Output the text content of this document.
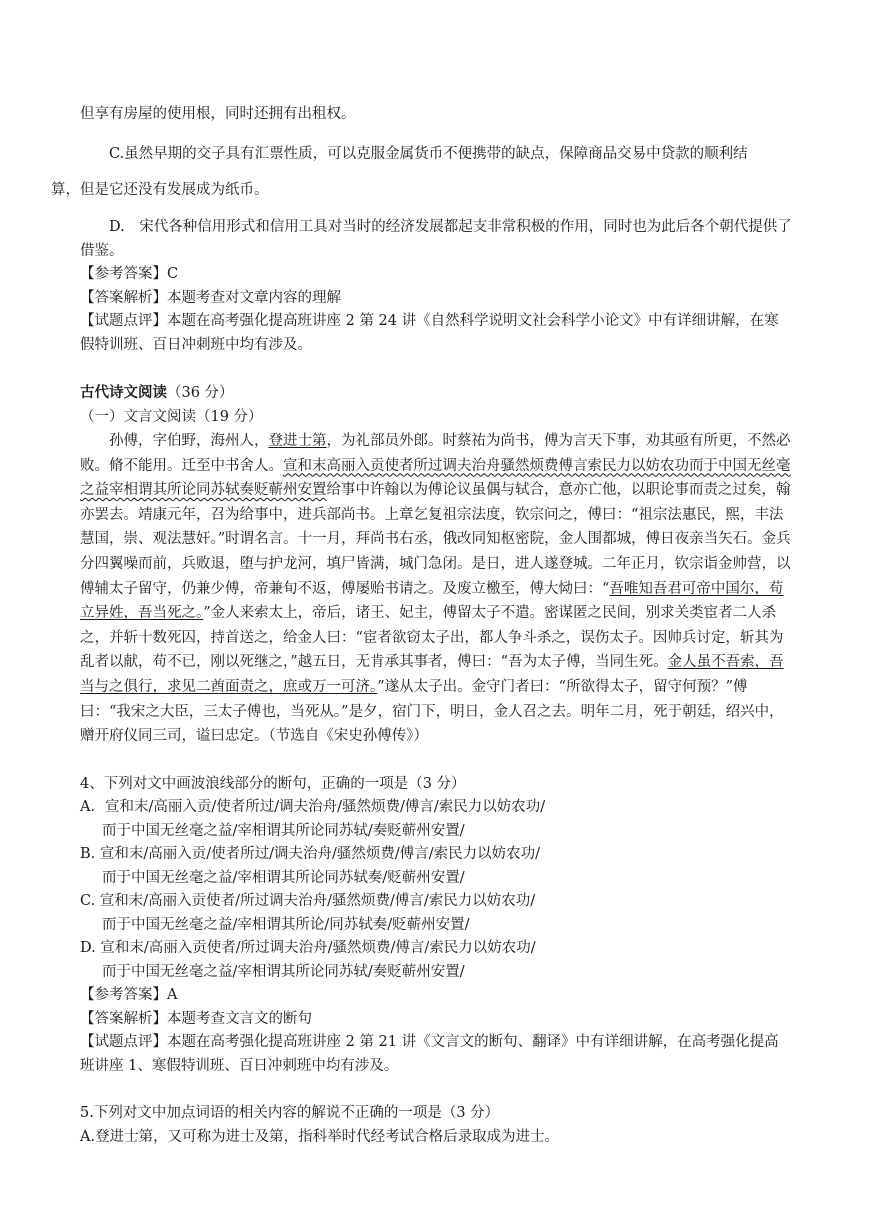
但享有房屋的使用根，同时还拥有出租权。

C.虽然早期的交子具有汇票性质，可以克服金属货币不便携带的缺点，保障商品交易中贷款的顺利结
算，但是它还没有发展成为纸币。

D.　宋代各种信用形式和信用工具对当时的经济发展都起支非常积极的作用，同时也为此后各个朝代提供了借鉴。

【参考答案】C

【答案解析】本题考查对文章内容的理解

【试题点评】本题在高考强化提高班讲座 2 第 24 讲《自然科学说明文社会科学小论文》中有详细讲解，在寒假特训班、百日冲刺班中均有涉及。

古代诗文阅读（36 分）

（一）文言文阅读（19 分）

孙傅，字伯野，海州人，登进士第，为礼部员外郎。时蔡祐为尚书，傅为言天下事，劝其亟有所更，不然必败。脩不能用。迁至中书舍人。宣和末高丽入贡使者所过调夫治舟骚然烦费傅言索民力以妨农功而于中国无丝毫之益宰相谓其所论同苏轼奏贬蕲州安置给事中许翰以为傅论议虽偶与轼合，意亦亡他，以职论事而责之过矣，翰亦罢去。靖康元年，召为给事中，进兵部尚书。上章乞复祖宗法度，钦宗问之，傅曰：“祖宗法惠民，熙，丰法慧国，崇、观法慧奸。”时谓名言。十一月，拜尚书右丞，俄改同知枢密院，金人围都城，傅日夜亲当矢石。金兵分四翼噪而前，兵败退，堕与护龙河，填尸皆满，城门急闭。是日，进人遂登城。二年正月，钦宗诣金帅营，以傅辅太子留守，仍兼少傅，帝兼旬不返，傅屡贻书请之。及废立檄至，傅大恸曰：“吾唯知吾君可帝中国尔，苟立异姓，吾当死之。”金人来索太上，帝后，诸王、妃主，傅留太子不遣。密谋匿之民间，别求关类宦者二人杀之，并斩十数死囚，持首送之，给金人曰：“宦者欲窃太子出，都人争斗杀之，误伤太子。因帅兵讨定，斩其为乱者以献，苟不已，刚以死继之，”越五日，无肯承其事者，傅曰：“吾为太子傅，当同生死。金人虽不吾索，吾当与之俱行，求见二酋面责之，庶或万一可济。”遂从太子出。金守门者曰：“所欲得太子，留守何预？”傅曰：“我宋之大臣，三太子傅也，当死从。”是夕，宿门下，明日，金人召之去。明年二月，死于朝廷，绍兴中，赠开府仪同三司，谥曰忠定。（节选自《宋史孙傅传》）

4、下列对文中画波浪线部分的断句，正确的一项是（3 分）

A．宣和末/高丽入贡/使者所过/调夫治舟/骚然烦费/傅言/索民力以妨农功/

而于中国无丝毫之益/宰相谓其所论同苏轼/奏贬蕲州安置/

B. 宣和末/高丽入贡/使者所过/调夫治舟/骚然烦费/傅言/索民力以妨农功/

而于中国无丝毫之益/宰相谓其所论同苏轼奏/贬蕲州安置/

C. 宣和末/高丽入贡使者/所过调夫治舟/骚然烦费/傅言/索民力以妨农功/

而于中国无丝毫之益/宰相谓其所论/同苏轼奏/贬蕲州安置/

D. 宣和末/高丽入贡使者/所过调夫治舟/骚然烦费/傅言/索民力以妨农功/

而于中国无丝毫之益/宰相谓其所论同苏轼/奏贬蕲州安置/

【参考答案】A

【答案解析】本题考查文言文的断句

【试题点评】本题在高考强化提高班讲座 2 第 21 讲《文言文的断句、翻译》中有详细讲解，在高考强化提高班讲座 1、寒假特训班、百日冲刺班中均有涉及。

5.下列对文中加点词语的相关内容的解说不正确的一项是（3 分）

A.登进士第，又可称为进士及第，指科举时代经考试合格后录取成为进士。
